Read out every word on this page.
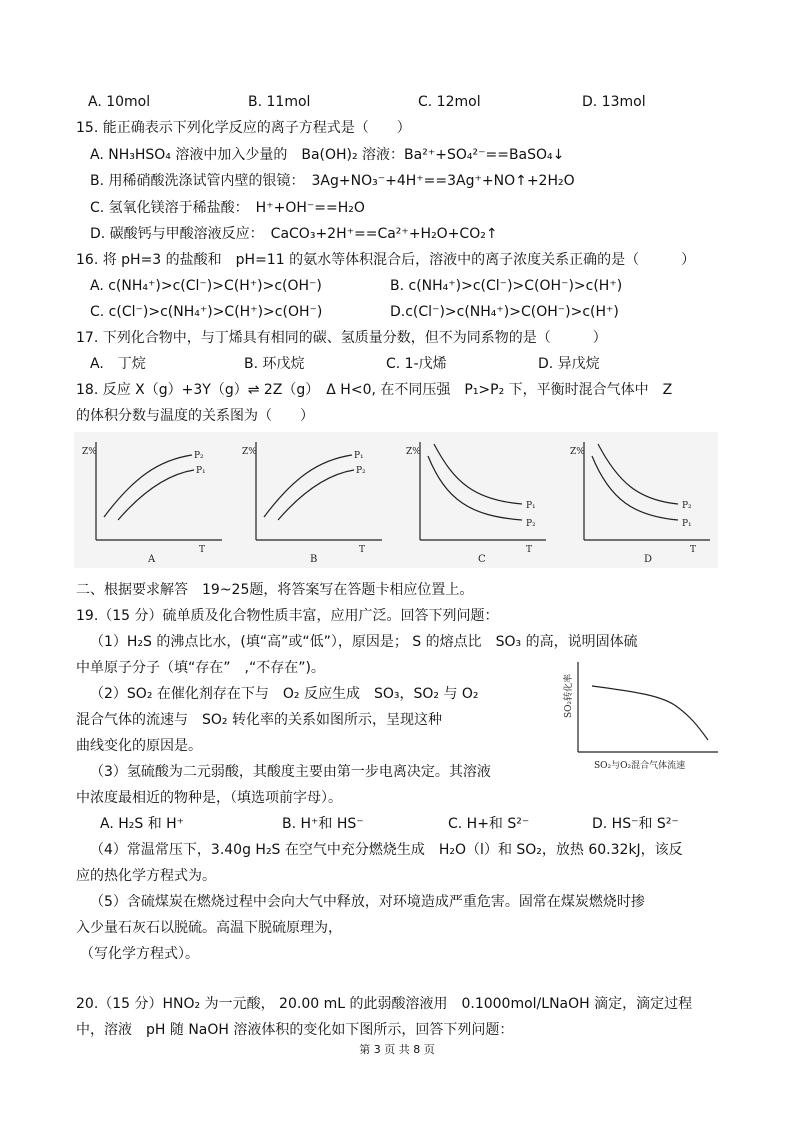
A. 10mol	B. 11mol	C. 12mol	D. 13mol
15. 能正确表示下列化学反应的离子方程式是（　　）
A. NH₃HSO₄ 溶液中加入少量的　Ba(OH)₂ 溶液：Ba²⁺+SO₄²⁻==BaSO₄↓
B. 用稀硝酸洗涤试管内壁的银镜：　3Ag+NO₃⁻+4H⁺==3Ag⁺+NO↑+2H₂O
C. 氢氧化镁溶于稀盐酸：　H⁺+OH⁻==H₂O
D. 碳酸钙与甲酸溶液反应：　CaCO₃+2H⁺==Ca²⁺+H₂O+CO₂↑
16. 将 pH=3 的盐酸和　pH=11 的氨水等体积混合后，溶液中的离子浓度关系正确的是（　　　）
A. c(NH₄⁺)>c(Cl⁻)>C(H⁺)>c(OH⁻)	B. c(NH₄⁺)>c(Cl⁻)>C(OH⁻)>c(H⁺)
C. c(Cl⁻)>c(NH₄⁺)>C(H⁺)>c(OH⁻)	D.c(Cl⁻)>c(NH₄⁺)>C(OH⁻)>c(H⁺)
17. 下列化合物中，与丁烯具有相同的碳、氢质量分数，但不为同系物的是（　　　）
A.　丁烷	B. 环戊烷	C. 1-戊烯	D. 异戊烷
18. 反应 X（g）+3Y（g）⇌ 2Z（g）　Δ H<0, 在不同压强　P₁>P₂ 下，平衡时混合气体中　Z
的体积分数与温度的关系图为（　　）
Z%
T
P₂
P₁
A
Z%
T
P₁
P₂
B
Z%
T
P₁
P₂
C
Z%
T
P₂
P₁
D
二、根据要求解答　19~25题，将答案写在答题卡相应位置上。
19.（15 分）硫单质及化合物性质丰富，应用广泛。回答下列问题：
（1）H₂S 的沸点比水，(填“高”或“低”），原因是； S 的熔点比　SO₃ 的高，说明固体硫
中单原子分子（填“存在”　,“不存在”)。
（2）SO₂ 在催化剂存在下与　O₂ 反应生成　SO₃，SO₂ 与 O₂
混合气体的流速与　SO₂ 转化率的关系如图所示，呈现这种
曲线变化的原因是。
（3）氢硫酸为二元弱酸，其酸度主要由第一步电离决定。其溶液
中浓度最相近的物种是，（填选项前字母）。
A. H₂S 和 H⁺	B. H⁺和 HS⁻	C. H+和 S²⁻	D. HS⁻和 S²⁻
（4）常温常压下，3.40g H₂S 在空气中充分燃烧生成　H₂O（l）和 SO₂，放热 60.32kJ，该反
应的热化学方程式为。
（5）含硫煤炭在燃烧过程中会向大气中释放，对环境造成严重危害。固常在煤炭燃烧时掺
入少量石灰石以脱硫。高温下脱硫原理为，
（写化学方程式）。
SO₂转化率
SO₂与O₂混合气体流速
20.（15 分）HNO₂ 为一元酸， 20.00 mL 的此弱酸溶液用　0.1000mol/LNaOH 滴定，滴定过程
中，溶液　pH 随 NaOH 溶液体积的变化如下图所示，回答下列问题：
第 3 页 共 8 页
